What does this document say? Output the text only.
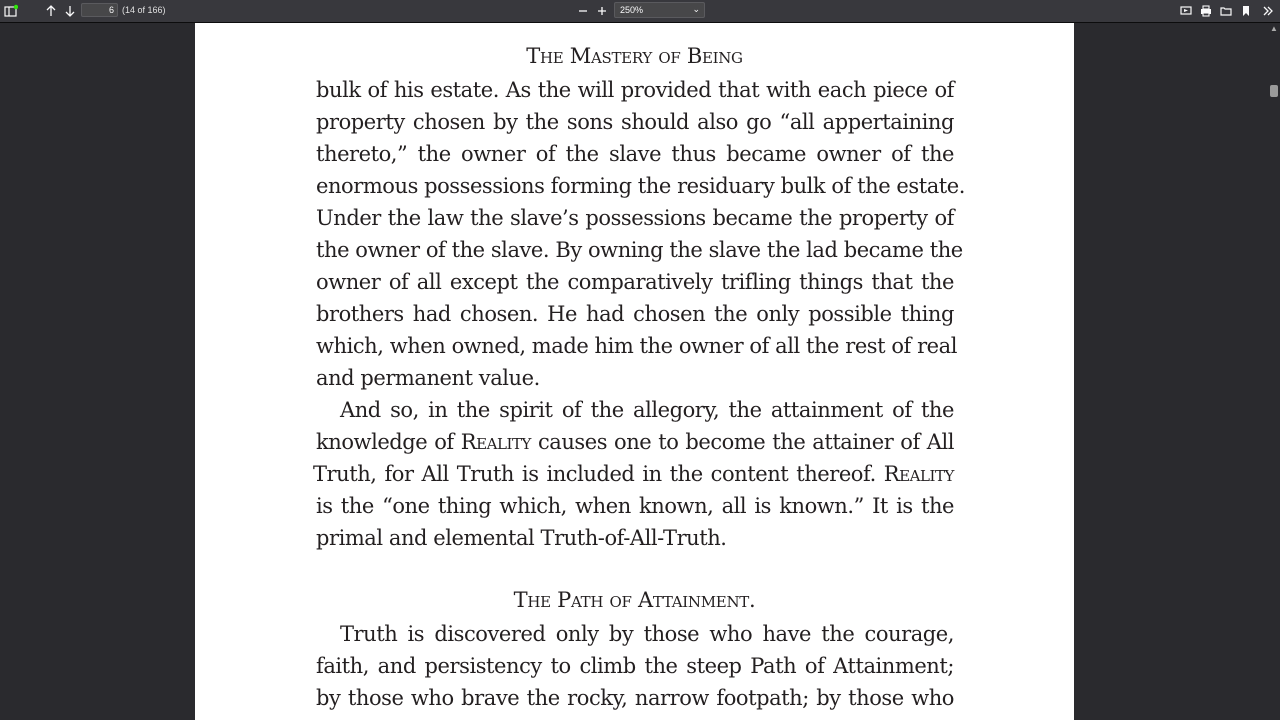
6
(14 of 166)	250%	⌄
The Mastery of Being
bulk of his estate. As the will provided that with each piece of
property chosen by the sons should also go “all appertaining
thereto,” the owner of the slave thus became owner of the
enormous possessions forming the residuary bulk of the estate.
Under the law the slave’s possessions became the property of
the owner of the slave. By owning the slave the lad became the
owner of all except the comparatively trifling things that the
brothers had chosen. He had chosen the only possible thing
which, when owned, made him the owner of all the rest of real
and permanent value.
And so, in the spirit of the allegory, the attainment of the
knowledge of Reality causes one to become the attainer of All
Truth, for All Truth is included in the content thereof. Reality
is the “one thing which, when known, all is known.” It is the
primal and elemental Truth-of-All-Truth.
The Path of Attainment.
Truth is discovered only by those who have the courage,
faith, and persistency to climb the steep Path of Attainment;
by those who brave the rocky, narrow footpath; by those who
▲
